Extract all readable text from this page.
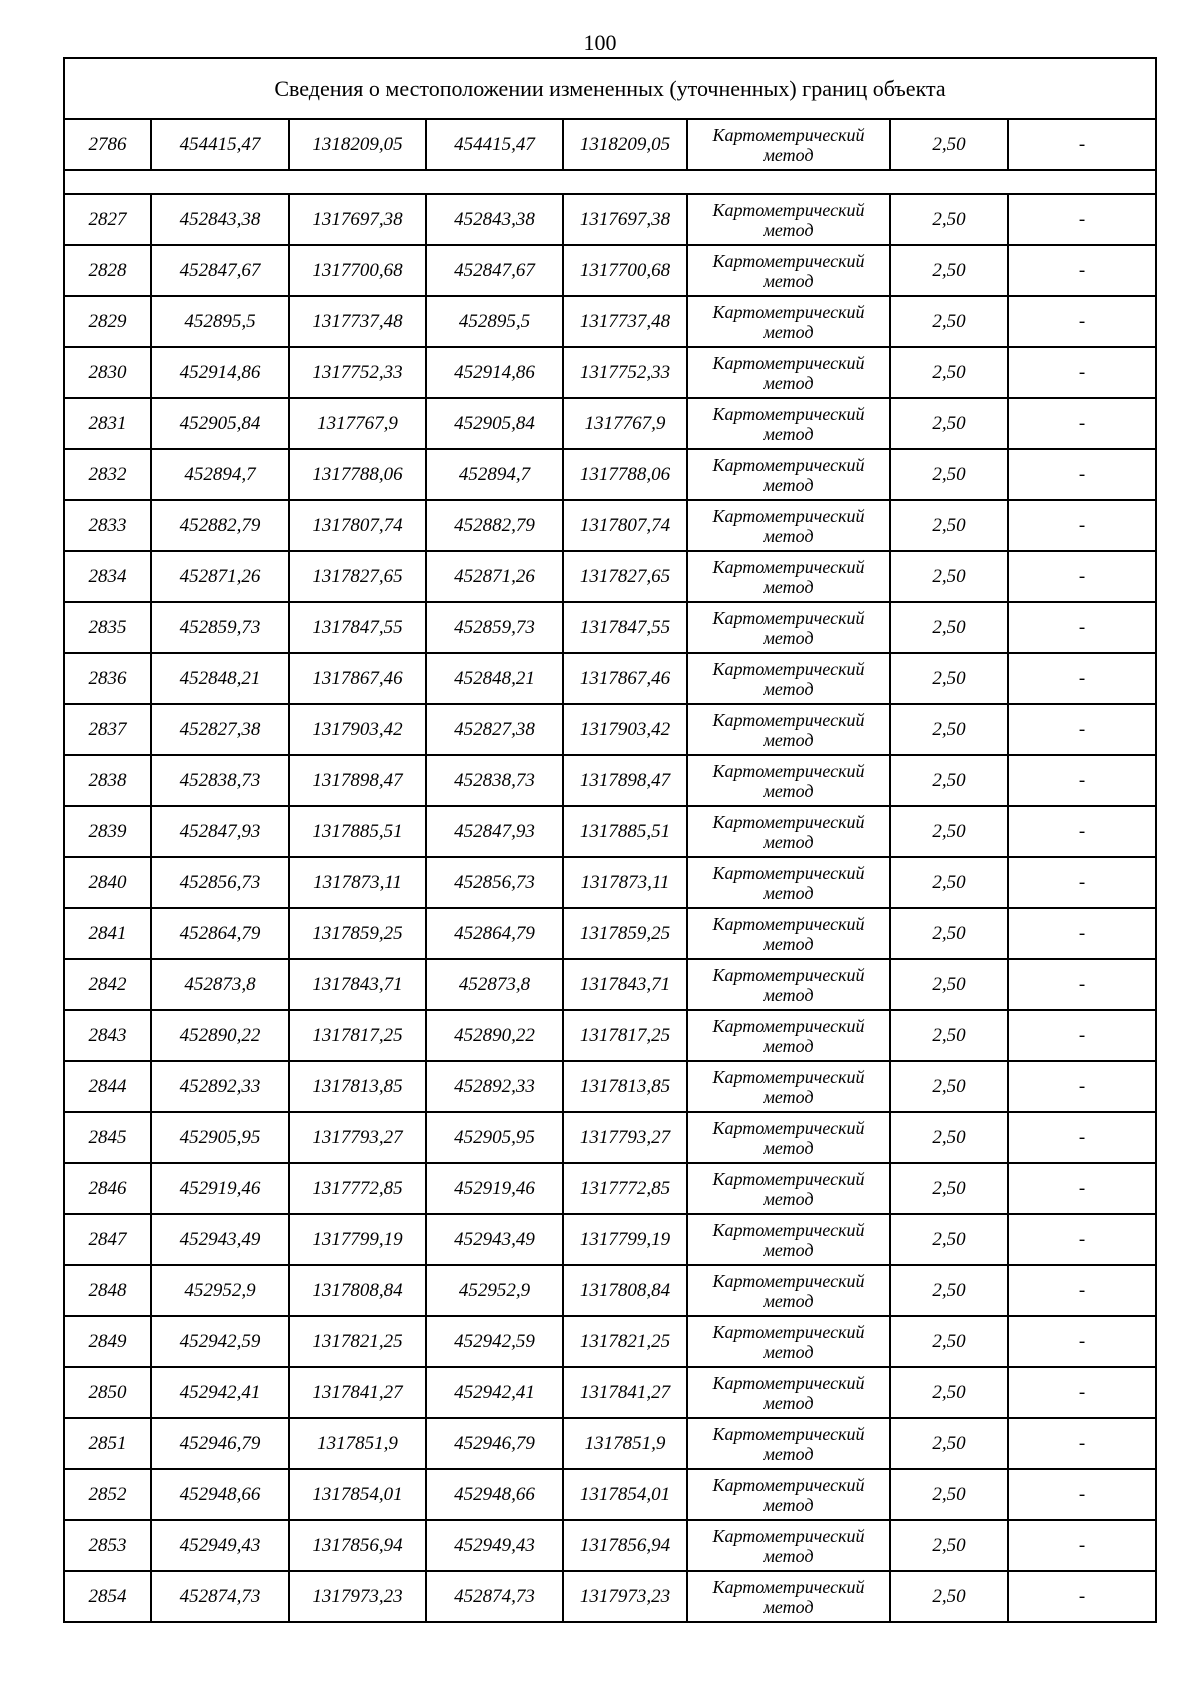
100
Сведения о местоположении измененных (уточненных) границ объекта							
2786	454415,47	1318209,05	454415,47	1318209,05	Картометрический метод	2,50	-

2827	452843,38	1317697,38	452843,38	1317697,38	Картометрический метод	2,50	-
2828	452847,67	1317700,68	452847,67	1317700,68	Картометрический метод	2,50	-
2829	452895,5	1317737,48	452895,5	1317737,48	Картометрический метод	2,50	-
2830	452914,86	1317752,33	452914,86	1317752,33	Картометрический метод	2,50	-
2831	452905,84	1317767,9	452905,84	1317767,9	Картометрический метод	2,50	-
2832	452894,7	1317788,06	452894,7	1317788,06	Картометрический метод	2,50	-
2833	452882,79	1317807,74	452882,79	1317807,74	Картометрический метод	2,50	-
2834	452871,26	1317827,65	452871,26	1317827,65	Картометрический метод	2,50	-
2835	452859,73	1317847,55	452859,73	1317847,55	Картометрический метод	2,50	-
2836	452848,21	1317867,46	452848,21	1317867,46	Картометрический метод	2,50	-
2837	452827,38	1317903,42	452827,38	1317903,42	Картометрический метод	2,50	-
2838	452838,73	1317898,47	452838,73	1317898,47	Картометрический метод	2,50	-
2839	452847,93	1317885,51	452847,93	1317885,51	Картометрический метод	2,50	-
2840	452856,73	1317873,11	452856,73	1317873,11	Картометрический метод	2,50	-
2841	452864,79	1317859,25	452864,79	1317859,25	Картометрический метод	2,50	-
2842	452873,8	1317843,71	452873,8	1317843,71	Картометрический метод	2,50	-
2843	452890,22	1317817,25	452890,22	1317817,25	Картометрический метод	2,50	-
2844	452892,33	1317813,85	452892,33	1317813,85	Картометрический метод	2,50	-
2845	452905,95	1317793,27	452905,95	1317793,27	Картометрический метод	2,50	-
2846	452919,46	1317772,85	452919,46	1317772,85	Картометрический метод	2,50	-
2847	452943,49	1317799,19	452943,49	1317799,19	Картометрический метод	2,50	-
2848	452952,9	1317808,84	452952,9	1317808,84	Картометрический метод	2,50	-
2849	452942,59	1317821,25	452942,59	1317821,25	Картометрический метод	2,50	-
2850	452942,41	1317841,27	452942,41	1317841,27	Картометрический метод	2,50	-
2851	452946,79	1317851,9	452946,79	1317851,9	Картометрический метод	2,50	-
2852	452948,66	1317854,01	452948,66	1317854,01	Картометрический метод	2,50	-
2853	452949,43	1317856,94	452949,43	1317856,94	Картометрический метод	2,50	-
2854	452874,73	1317973,23	452874,73	1317973,23	Картометрический метод	2,50	-
